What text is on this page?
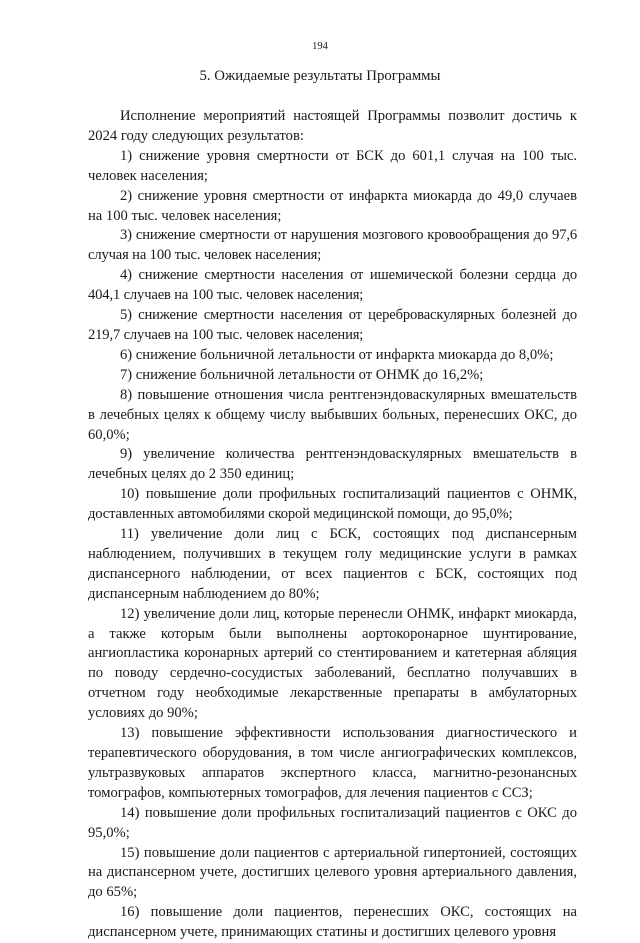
194
5. Ожидаемые результаты Программы

Исполнение мероприятий настоящей Программы позволит достичь к 2024 году следующих результатов:

1) снижение уровня смертности от БСК до 601,1 случая на 100 тыс. человек населения;

2) снижение уровня смертности от инфаркта миокарда до 49,0 случаев на 100 тыс. человек населения;

3) снижение смертности от нарушения мозгового кровообращения до 97,6 случая на 100 тыс. человек населения;

4) снижение смертности населения от ишемической болезни сердца до 404,1 случаев на 100 тыс. человек населения;

5) снижение смертности населения от цереброваскулярных болезней до 219,7 случаев на 100 тыс. человек населения;

6) снижение больничной летальности от инфаркта миокарда до 8,0%;

7) снижение больничной летальности от ОНМК до 16,2%;

8) повышение отношения числа рентгенэндоваскулярных вмешательств в лечебных целях к общему числу выбывших больных, перенесших ОКС, до 60,0%;

9) увеличение количества рентгенэндоваскулярных вмешательств в лечебных целях до 2 350 единиц;

10) повышение доли профильных госпитализаций пациентов с ОНМК, доставленных автомобилями скорой медицинской помощи, до 95,0%;

11) увеличение доли лиц с БСК, состоящих под диспансерным наблюдением, получивших в текущем голу медицинские услуги в рамках диспансерного наблюдении, от всех пациентов с БСК, состоящих под диспансерным наблюдением до 80%;

12) увеличение доли лиц, которые перенесли ОНМК, инфаркт миокарда, а также которым были выполнены аортокоронарное шунтирование, ангиопластика коронарных артерий со стентированием и катетерная абляция по поводу сердечно-сосудистых заболеваний, бесплатно получавших в отчетном году необходимые лекарственные препараты в амбулаторных условиях до 90%;

13) повышение эффективности использования диагностического и терапевтического оборудования, в том числе ангиографических комплексов, ультразвуковых аппаратов экспертного класса, магнитно-резонансных томографов, компьютерных томографов, для лечения пациентов с ССЗ;

14) повышение доли профильных госпитализаций пациентов с ОКС до 95,0%;

15) повышение доли пациентов с артериальной гипертонией, состоящих на диспансерном учете, достигших целевого уровня артериального давления, до 65%;

16) повышение доли пациентов, перенесших ОКС, состоящих на диспансерном учете, принимающих статины и достигших целевого уровня
